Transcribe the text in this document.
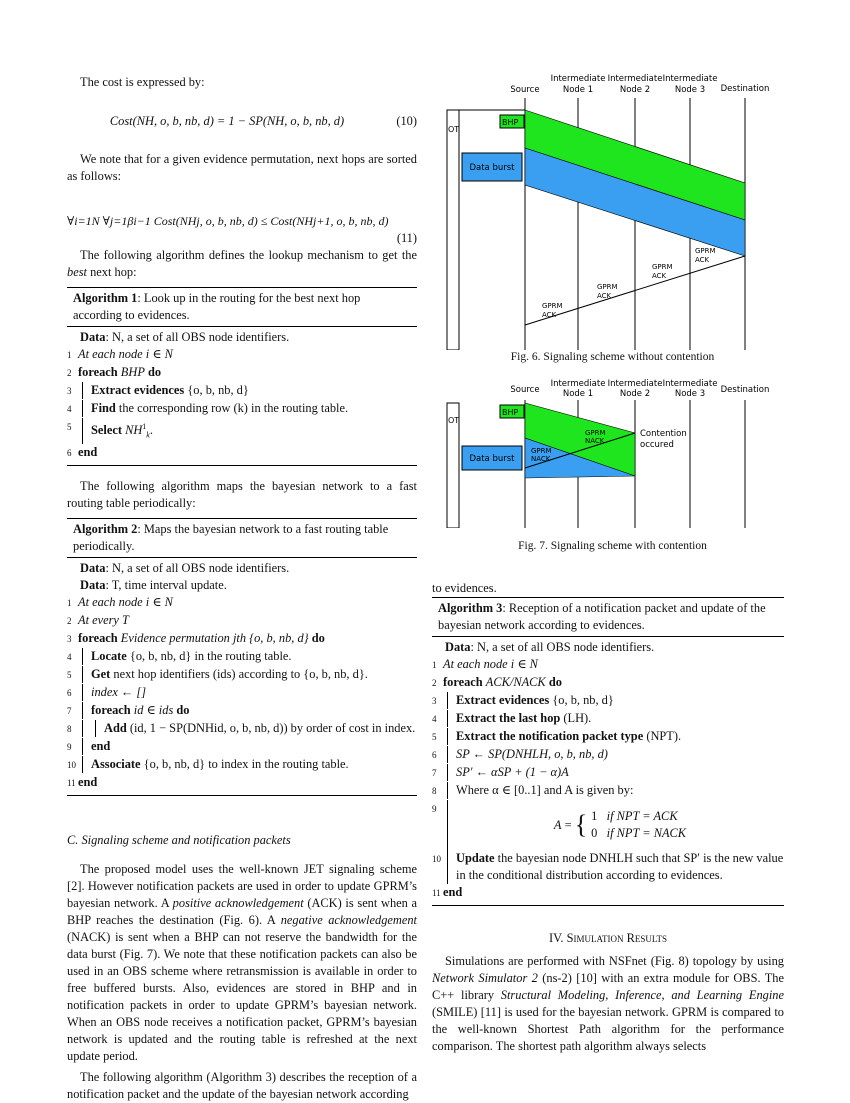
The cost is expressed by:

Cost(NH, o, b, nb, d) = 1 − SP(NH, o, b, nb, d)	(10)

We note that for a given evidence permutation, next hops are sorted as follows:

∀i=1N ∀j=1βi−1 Cost(NHj, o, b, nb, d) ≤ Cost(NHj+1, o, b, nb, d)
(11)

The following algorithm defines the lookup mechanism to get the best next hop:

Algorithm 1: Look up in the routing for the best next hop according to evidences.
Data: N, a set of all OBS node identifiers.
1 At each node i ∈ N
2 foreach BHP do
3	Extract evidences {o, b, nb, d}
4	Find the corresponding row (k) in the routing table.
5	Select $NH^1_k$.
6 end

The following algorithm maps the bayesian network to a fast routing table periodically:

Algorithm 2: Maps the bayesian network to a fast routing table periodically.
Data: N, a set of all OBS node identifiers.
Data: T, time interval update.
1 At each node i ∈ N
2 At every T
3 foreach Evidence permutation jth {o, b, nb, d} do
4	Locate {o, b, nb, d} in the routing table.
5	Get next hop identifiers (ids) according to {o, b, nb, d}.
6	index ← []
7	foreach id ∈ ids do
8	Add (id, 1 − SP(DNHid, o, b, nb, d)) by order of cost in index.
9	end
10	Associate {o, b, nb, d} to index in the routing table.
11 end

C. Signaling scheme and notification packets

The proposed model uses the well-known JET signaling scheme [2]. However notification packets are used in order to update GPRM’s bayesian network. A positive acknowledgement (ACK) is sent when a BHP reaches the destination (Fig. 6). A negative acknowledgement (NACK) is sent when a BHP can not reserve the bandwidth for the data burst (Fig. 7). We note that these notification packets can also be used in an OBS scheme where retransmission is available in order to free buffered bursts. Also, evidences are stored in BHP and in notification packets in order to update GPRM’s bayesian network. When an OBS node receives a notification packet, GPRM’s bayesian network is updated and the routing table is refreshed at the next update period.

The following algorithm (Algorithm 3) describes the reception of a notification packet and the update of the bayesian network according

Source
Intermediate
Node 1
Intermediate
Node 2
Intermediate
Node 3 Destination
OT
BHP
Data burst
GPRM
ACK
GPRM
ACK
GPRM
ACK
GPRM
ACK
Fig. 6. Signaling scheme without contention
Source
Intermediate
Node 1
Intermediate
Node 2
Intermediate
Node 3 Destination
OT
BHP
Data burst
GPRM
NACK
GPRM
NACK
Contention
occured
Fig. 7. Signaling scheme with contention

to evidences.

Algorithm 3: Reception of a notification packet and update of the bayesian network according to evidences.
Data: N, a set of all OBS node identifiers.
1 At each node i ∈ N
2 foreach ACK/NACK do
3	Extract evidences {o, b, nb, d}
4	Extract the last hop (LH).
5	Extract the notification packet type (NPT).
6	SP ← SP(DNHLH, o, b, nb, d)
7	SP′ ← αSP + (1 − α)A
8	Where α ∈ [0..1] and A is given by:
9
A = { 1 if NPT = ACK
0 if NPT = NACK
10	Update the bayesian node DNHLH such that SP′ is the new value in the conditional distribution according to evidences.
11 end

IV. Simulation Results

Simulations are performed with NSFnet (Fig. 8) topology by using Network Simulator 2 (ns-2) [10] with an extra module for OBS. The C++ library Structural Modeling, Inference, and Learning Engine (SMILE) [11] is used for the bayesian network. GPRM is compared to the well-known Shortest Path algorithm for the performance comparison. The shortest path algorithm always selects
